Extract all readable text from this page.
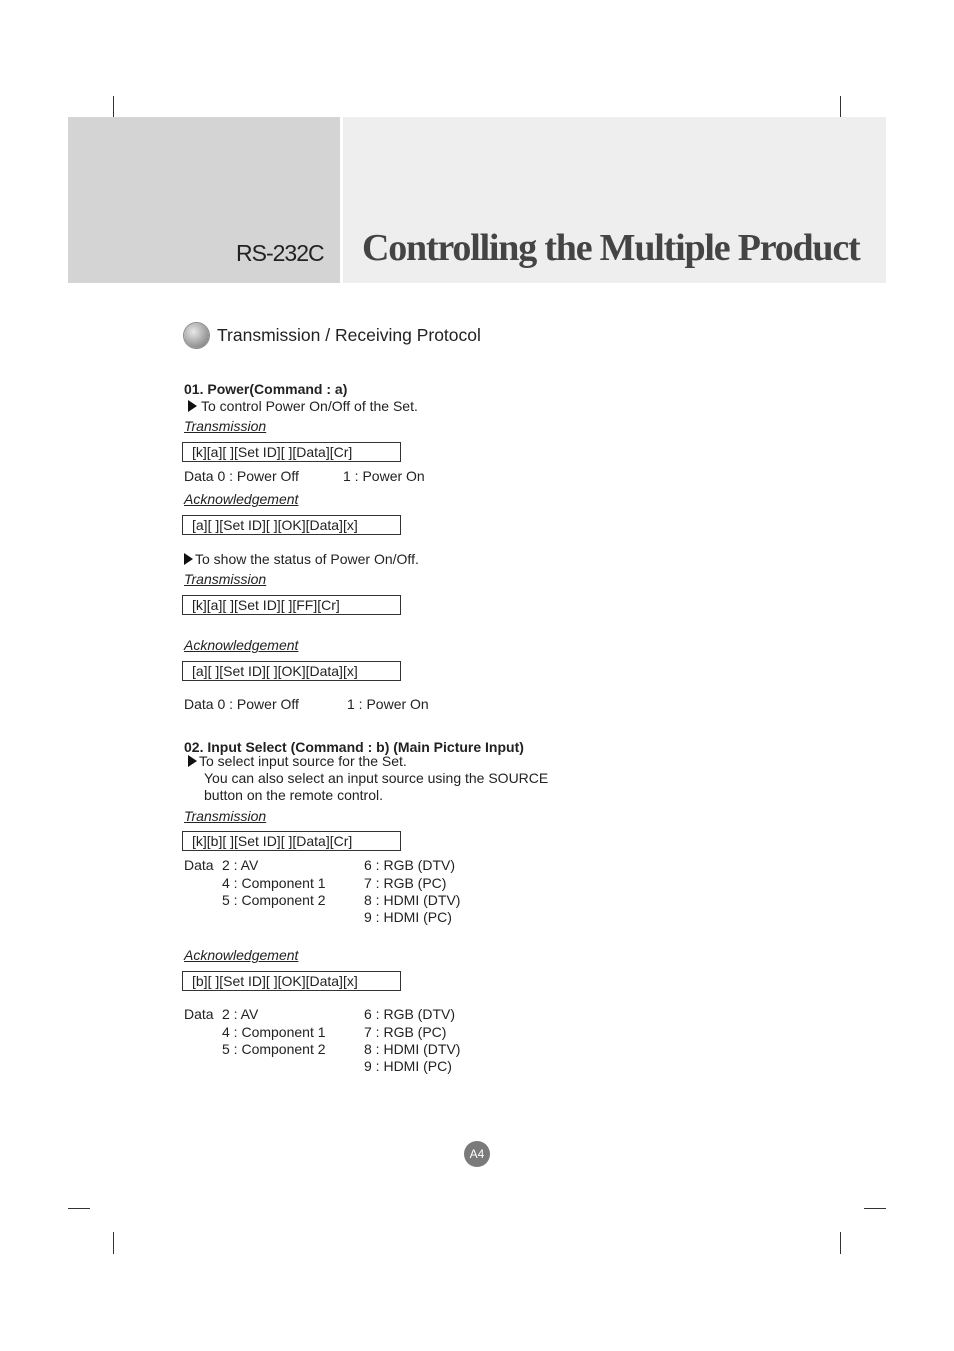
RS-232C Controlling the Multiple Product
Transmission / Receiving Protocol
01. Power(Command : a)
To control Power On/Off of the Set.
Transmission
[k][a][ ][Set ID][ ][Data][Cr]
Data 0 : Power Off	1 : Power On
Acknowledgement
[a][ ][Set ID][ ][OK][Data][x]
To show the status of Power On/Off.
Transmission
[k][a][ ][Set ID][ ][FF][Cr]
Acknowledgement
[a][ ][Set ID][ ][OK][Data][x]
Data 0 : Power Off	1 : Power On
02. Input Select (Command : b) (Main Picture Input)
To select input source for the Set.
You can also select an input source using the SOURCE
button on the remote control.
Transmission
[k][b][ ][Set ID][ ][Data][Cr]
Data 2 : AV
4 : Component 1
5 : Component 2
6 : RGB (DTV)
7 : RGB (PC)
8 : HDMI (DTV)
9 : HDMI (PC)
Acknowledgement
[b][ ][Set ID][ ][OK][Data][x]
Data 2 : AV
4 : Component 1
5 : Component 2
6 : RGB (DTV)
7 : RGB (PC)
8 : HDMI (DTV)
9 : HDMI (PC)
A4
